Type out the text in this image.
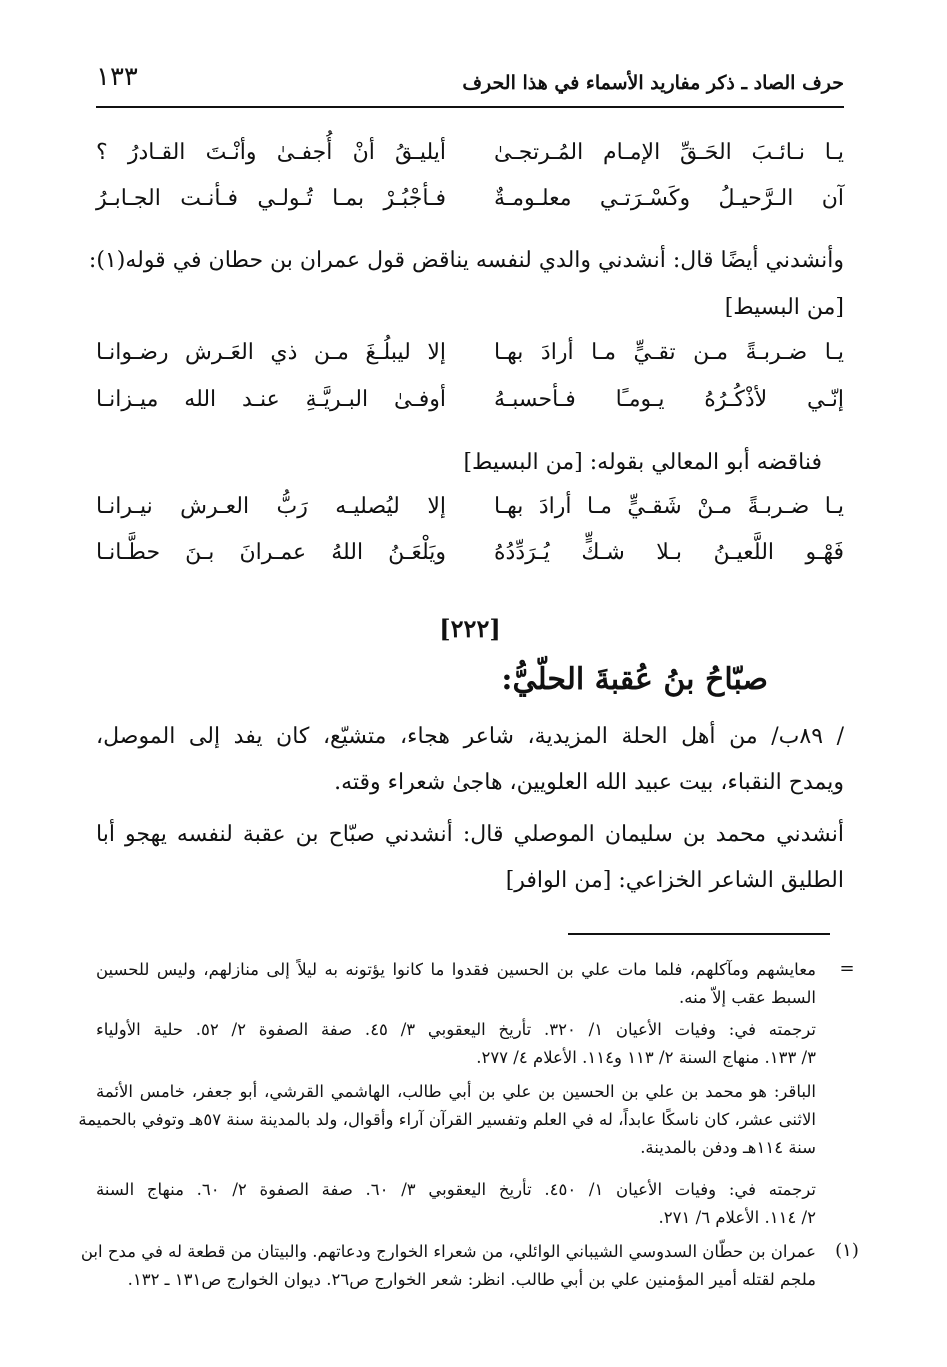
١٣٣	حرف الصاد ـ ذكر مفاريد الأسماء في هذا الحرف
يـا نـائـبَ الحَـقِّ الإمـام المُـرتجـىٰ
أيليـقُ أنْ أُجفـىٰ وأنْـتَ القـادرُ ؟
آن الـرَّحيـلُ وكَسْـرَتـي معلـومـةٌ
فـأجْبُـرْ بمـا تُـولـي فـأنـت الجـابـرُ
وأنشدني أيضًا قال: أنشدني والدي لنفسه يناقض قول عمران بن حطان في قوله(١):
[من البسيط]
يـا ضـربـةً مـن تقـيٍّ مـا أرادَ بهـا
إلا ليبلُـغَ مـن ذي العَـرش رضـوانـا
إنّـي لأذْكُـرُهُ يـومـًا فـأحسبـهُ
أوفـىٰ البـريَّـةِ عنـد الله ميـزانـا
فناقضه أبو المعالي بقوله: [من البسيط]
يـا ضـربـةً مـنْ شَقـيٍّ مـا أرادَ بهـا
إلا ليُصليـه رَبُّ العـرش نيـرانـا
فَهْـو اللَّعيـنُ بـلا شـكٍّ يُـرَدِّدُهُ
ويَلْعَـنُ اللهُ عمـرانَ بـنَ حطَّـانـا
[٢٢٢]
صبّاحُ بنُ عُقبةَ الحلّيُّ:
/ ٨٩ب/ من أهل الحلة المزيدية، شاعر هجاء، متشيّع، كان يفد إلى الموصل،
ويمدح النقباء، بيت عبيد الله العلويين، هاجىٰ شعراء وقته.
أنشدني محمد بن سليمان الموصلي قال: أنشدني صبّاح بن عقبة لنفسه يهجو أبا
الطليق الشاعر الخزاعي: [من الوافر]
=
معايشهم ومآكلهم، فلما مات علي بن الحسين فقدوا ما كانوا يؤتونه به ليلاً إلى منازلهم، وليس للحسين
السبط عقب إلاّ منه.
ترجمته في: وفيات الأعيان ١/ ٣٢٠. تأريخ اليعقوبي ٣/ ٤٥. صفة الصفوة ٢/ ٥٢. حلية الأولياء
٣/ ١٣٣. منهاج السنة ٢/ ١١٣ و١١٤. الأعلام ٤/ ٢٧٧.
الباقر: هو محمد بن علي بن الحسين بن علي بن أبي طالب، الهاشمي القرشي، أبو جعفر، خامس الأئمة
الاثنى عشر، كان ناسكًا عابداً، له في العلم وتفسير القرآن آراء وأقوال، ولد بالمدينة سنة ٥٧هـ وتوفي بالحميمة
سنة ١١٤هـ ودفن بالمدينة.
ترجمته في: وفيات الأعيان ١/ ٤٥٠. تأريخ اليعقوبي ٣/ ٦٠. صفة الصفوة ٢/ ٦٠. منهاج السنة
٢/ ١١٤. الأعلام ٦/ ٢٧١.
(١)
عمران بن حطّان السدوسي الشيباني الوائلي، من شعراء الخوارج ودعاتهم. والبيتان من قطعة له في مدح ابن
ملجم لقتله أمير المؤمنين علي بن أبي طالب. انظر: شعر الخوارج ص٢٦. ديوان الخوارج ص١٣١ ـ ١٣٢.
